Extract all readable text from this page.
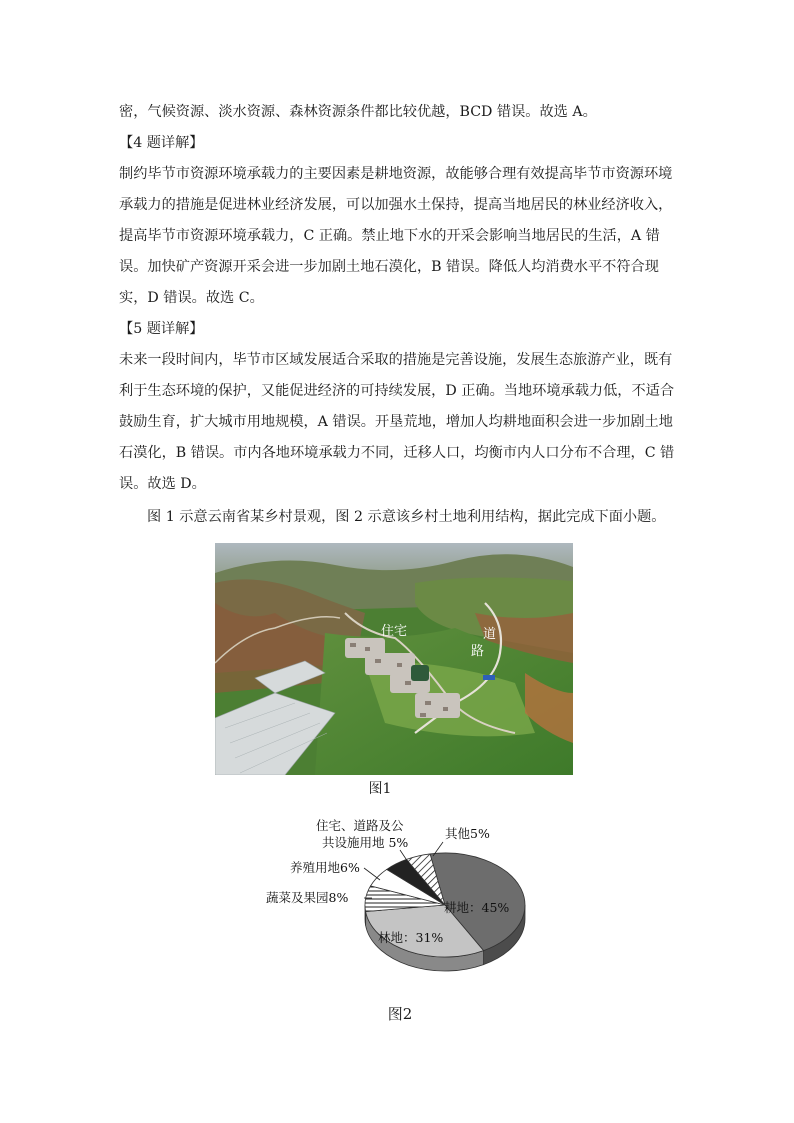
密，气候资源、淡水资源、森林资源条件都比较优越，BCD 错误。故选 A。
【4 题详解】
制约毕节市资源环境承载力的主要因素是耕地资源，故能够合理有效提高毕节市资源环境
承载力的措施是促进林业经济发展，可以加强水土保持，提高当地居民的林业经济收入，
提高毕节市资源环境承载力，C 正确。禁止地下水的开采会影响当地居民的生活，A 错
误。加快矿产资源开采会进一步加剧土地石漠化，B 错误。降低人均消费水平不符合现
实，D 错误。故选 C。
【5 题详解】
未来一段时间内，毕节市区域发展适合采取的措施是完善设施，发展生态旅游产业，既有
利于生态环境的保护，又能促进经济的可持续发展，D 正确。当地环境承载力低，不适合
鼓励生育，扩大城市用地规模，A 错误。开垦荒地，增加人均耕地面积会进一步加剧土地
石漠化，B 错误。市内各地环境承载力不同，迁移人口，均衡市内人口分布不合理，C 错
误。故选 D。
图 1 示意云南省某乡村景观，图 2 示意该乡村土地利用结构，据此完成下面小题。
住宅	道
路
图1
耕地：45%
林地：31%
蔬菜及果园8%
养殖用地6%
住宅、道路及公
共设施用地 5%
其他5%
图2
